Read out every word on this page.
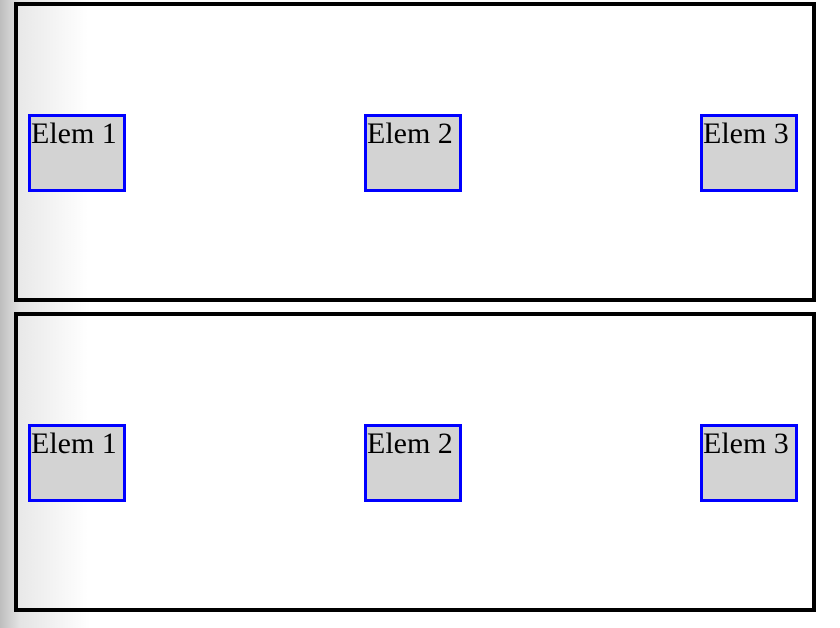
Elem 1	Elem 2	Elem 3
Elem 1	Elem 2	Elem 3
